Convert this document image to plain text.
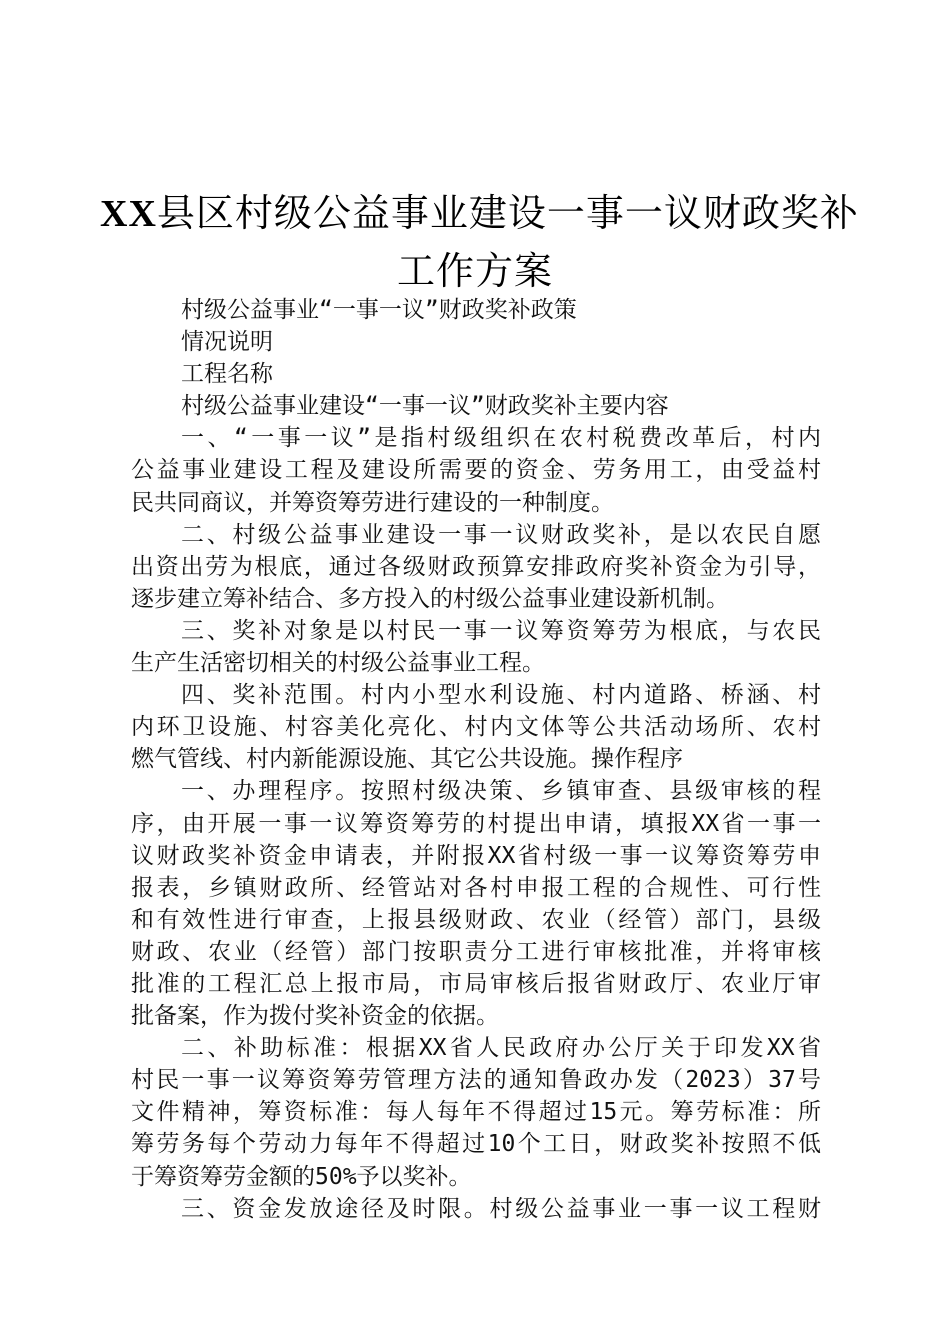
XX县区村级公益事业建设一事一议财政奖补
工作方案
村级公益事业“一事一议”财政奖补政策
情况说明
工程名称
村级公益事业建设“一事一议”财政奖补主要内容
一、“一事一议”是指村级组织在农村税费改革后，村内
公益事业建设工程及建设所需要的资金、劳务用工，由受益村
民共同商议，并筹资筹劳进行建设的一种制度。
二、村级公益事业建设一事一议财政奖补，是以农民自愿
出资出劳为根底，通过各级财政预算安排政府奖补资金为引导，
逐步建立筹补结合、多方投入的村级公益事业建设新机制。
三、奖补对象是以村民一事一议筹资筹劳为根底，与农民
生产生活密切相关的村级公益事业工程。
四、奖补范围。村内小型水利设施、村内道路、桥涵、村
内环卫设施、村容美化亮化、村内文体等公共活动场所、农村
燃气管线、村内新能源设施、其它公共设施。操作程序
一、办理程序。按照村级决策、乡镇审查、县级审核的程
序，由开展一事一议筹资筹劳的村提出申请，填报XX省一事一
议财政奖补资金申请表，并附报XX省村级一事一议筹资筹劳申
报表，乡镇财政所、经管站对各村申报工程的合规性、可行性
和有效性进行审查，上报县级财政、农业（经管）部门，县级
财政、农业（经管）部门按职责分工进行审核批准，并将审核
批准的工程汇总上报市局，市局审核后报省财政厅、农业厅审
批备案，作为拨付奖补资金的依据。
二、补助标准：根据XX省人民政府办公厅关于印发XX省
村民一事一议筹资筹劳管理方法的通知鲁政办发（2023）37号
文件精神，筹资标准：每人每年不得超过15元。筹劳标准：所
筹劳务每个劳动力每年不得超过10个工日，财政奖补按照不低
于筹资筹劳金额的50%予以奖补。
三、资金发放途径及时限。村级公益事业一事一议工程财
